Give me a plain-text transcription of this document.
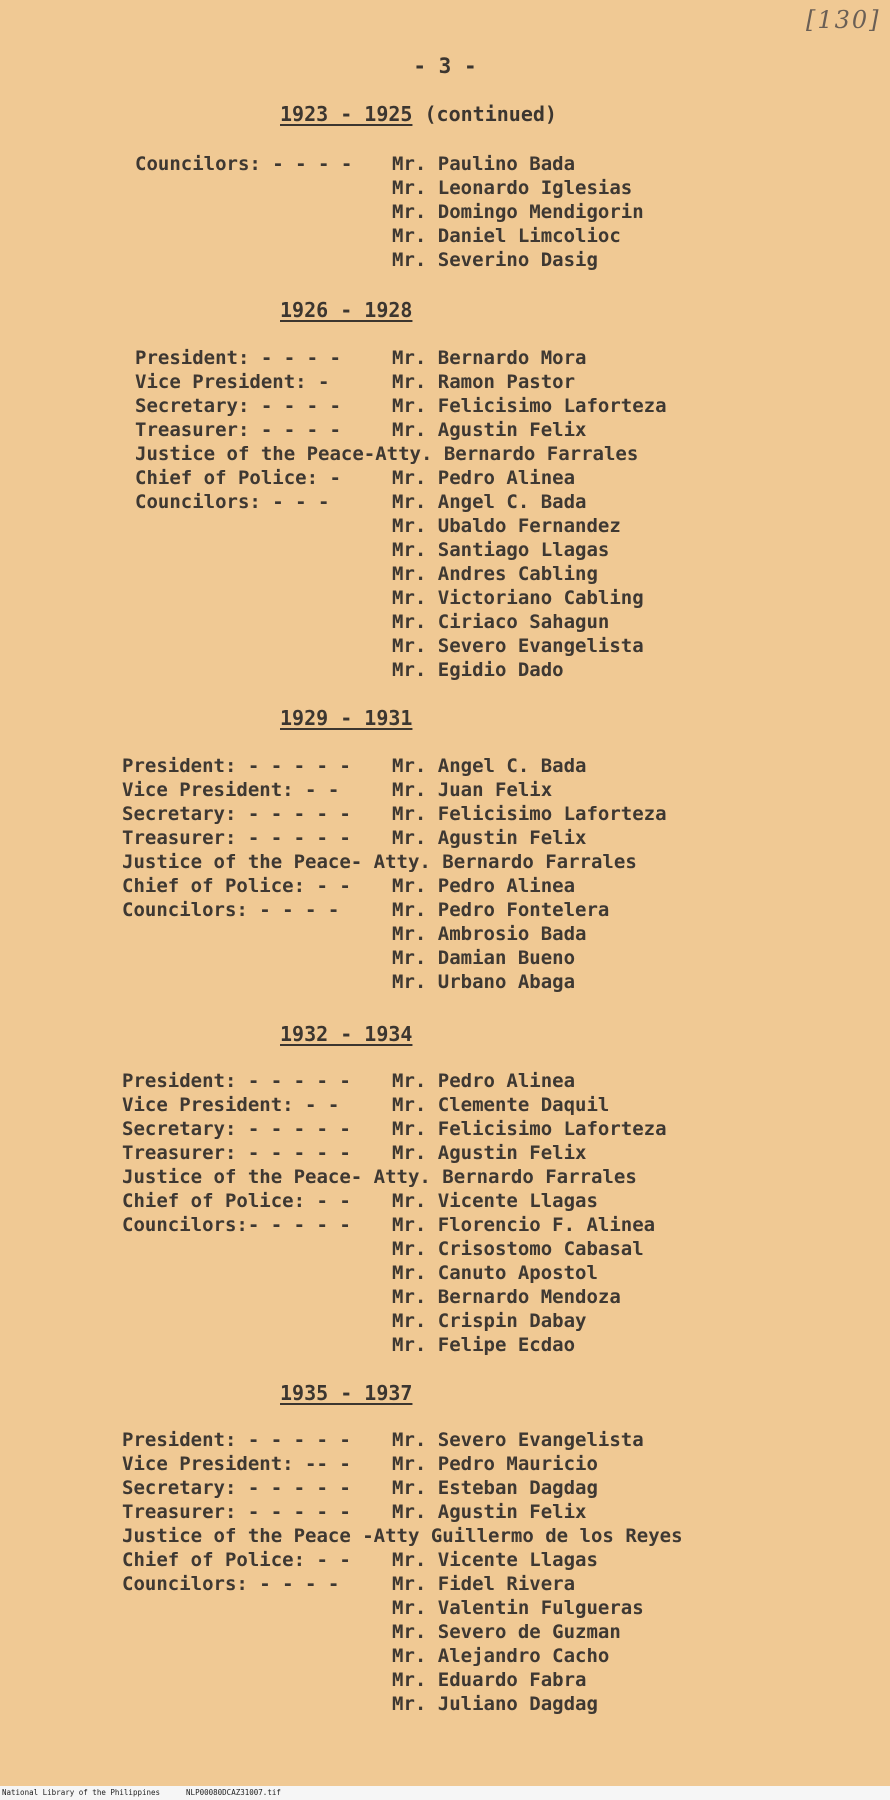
[130]
- 3 -
1923 - 1925 (continued)
Councilors: - - - - Mr. Paulino Bada
Mr. Leonardo Iglesias
Mr. Domingo Mendigorin
Mr. Daniel Limcolioc
Mr. Severino Dasig
1926 - 1928
President: - - - -	Mr. Bernardo Mora
Vice President: -	Mr. Ramon Pastor
Secretary: - - - -	Mr. Felicisimo Laforteza
Treasurer: - - - -	Mr. Agustin Felix
Justice of the Peace-Atty. Bernardo Farrales
Chief of Police: -	Mr. Pedro Alinea
Councilors: - - -	Mr. Angel C. Bada
Mr. Ubaldo Fernandez
Mr. Santiago Llagas
Mr. Andres Cabling
Mr. Victoriano Cabling
Mr. Ciriaco Sahagun
Mr. Severo Evangelista
Mr. Egidio Dado
1929 - 1931
President: - - - - - Mr. Angel C. Bada
Vice President: - -	Mr. Juan Felix
Secretary: - - - - - Mr. Felicisimo Laforteza
Treasurer: - - - - - Mr. Agustin Felix
Justice of the Peace- Atty. Bernardo Farrales
Chief of Police: - - Mr. Pedro Alinea
Councilors: - - - -	Mr. Pedro Fontelera
Mr. Ambrosio Bada
Mr. Damian Bueno
Mr. Urbano Abaga
1932 - 1934
President: - - - - - Mr. Pedro Alinea
Vice President: - -	Mr. Clemente Daquil
Secretary: - - - - - Mr. Felicisimo Laforteza
Treasurer: - - - - - Mr. Agustin Felix
Justice of the Peace- Atty. Bernardo Farrales
Chief of Police: - - Mr. Vicente Llagas
Councilors:- - - - - Mr. Florencio F. Alinea
Mr. Crisostomo Cabasal
Mr. Canuto Apostol
Mr. Bernardo Mendoza
Mr. Crispin Dabay
Mr. Felipe Ecdao
1935 - 1937
President: - - - - - Mr. Severo Evangelista
Vice President: -- - Mr. Pedro Mauricio
Secretary: - - - - - Mr. Esteban Dagdag
Treasurer: - - - - - Mr. Agustin Felix
Justice of the Peace -Atty Guillermo de los Reyes
Chief of Police: - - Mr. Vicente Llagas
Councilors: - - - -	Mr. Fidel Rivera
Mr. Valentin Fulgueras
Mr. Severo de Guzman
Mr. Alejandro Cacho
Mr. Eduardo Fabra
Mr. Juliano Dagdag
National Library of the Philippines	NLP00080DCAZ31007.tif
